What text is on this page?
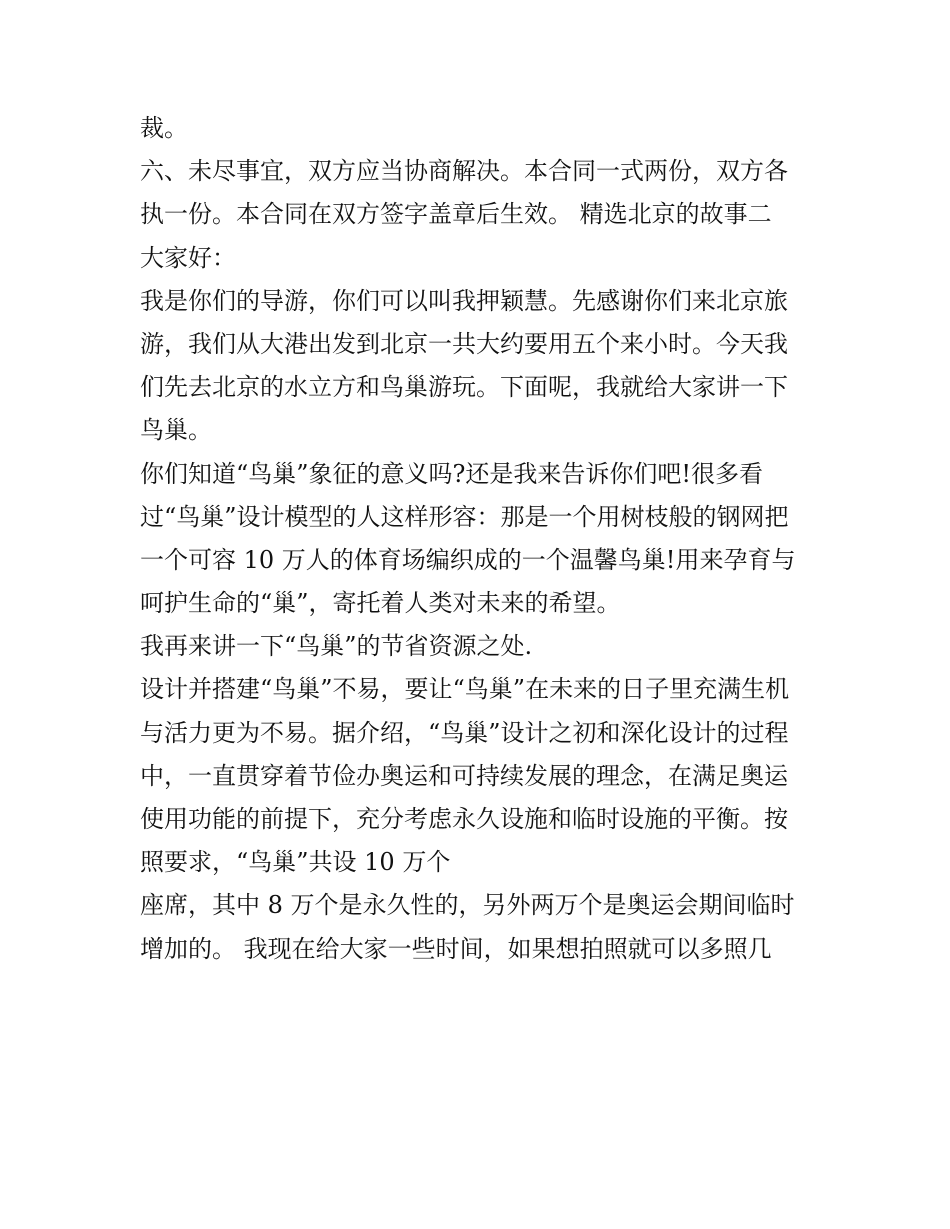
裁。
六、未尽事宜，双方应当协商解决。本合同一式两份，双方各
执一份。本合同在双方签字盖章后生效。 精选北京的故事二
大家好：
我是你们的导游，你们可以叫我押颖慧。先感谢你们来北京旅
游，我们从大港出发到北京一共大约要用五个来小时。今天我
们先去北京的水立方和鸟巢游玩。下面呢，我就给大家讲一下
鸟巢。
你们知道“鸟巢”象征的意义吗?还是我来告诉你们吧!很多看
过“鸟巢”设计模型的人这样形容：那是一个用树枝般的钢网把
一个可容 10 万人的体育场编织成的一个温馨鸟巢!用来孕育与
呵护生命的“巢”，寄托着人类对未来的希望。
我再来讲一下“鸟巢”的节省资源之处.
设计并搭建“鸟巢”不易，要让“鸟巢”在未来的日子里充满生机
与活力更为不易。据介绍，“鸟巢”设计之初和深化设计的过程
中，一直贯穿着节俭办奥运和可持续发展的理念，在满足奥运
使用功能的前提下，充分考虑永久设施和临时设施的平衡。按
照要求，“鸟巢”共设 10 万个
座席，其中 8 万个是永久性的，另外两万个是奥运会期间临时
增加的。 我现在给大家一些时间，如果想拍照就可以多照几
